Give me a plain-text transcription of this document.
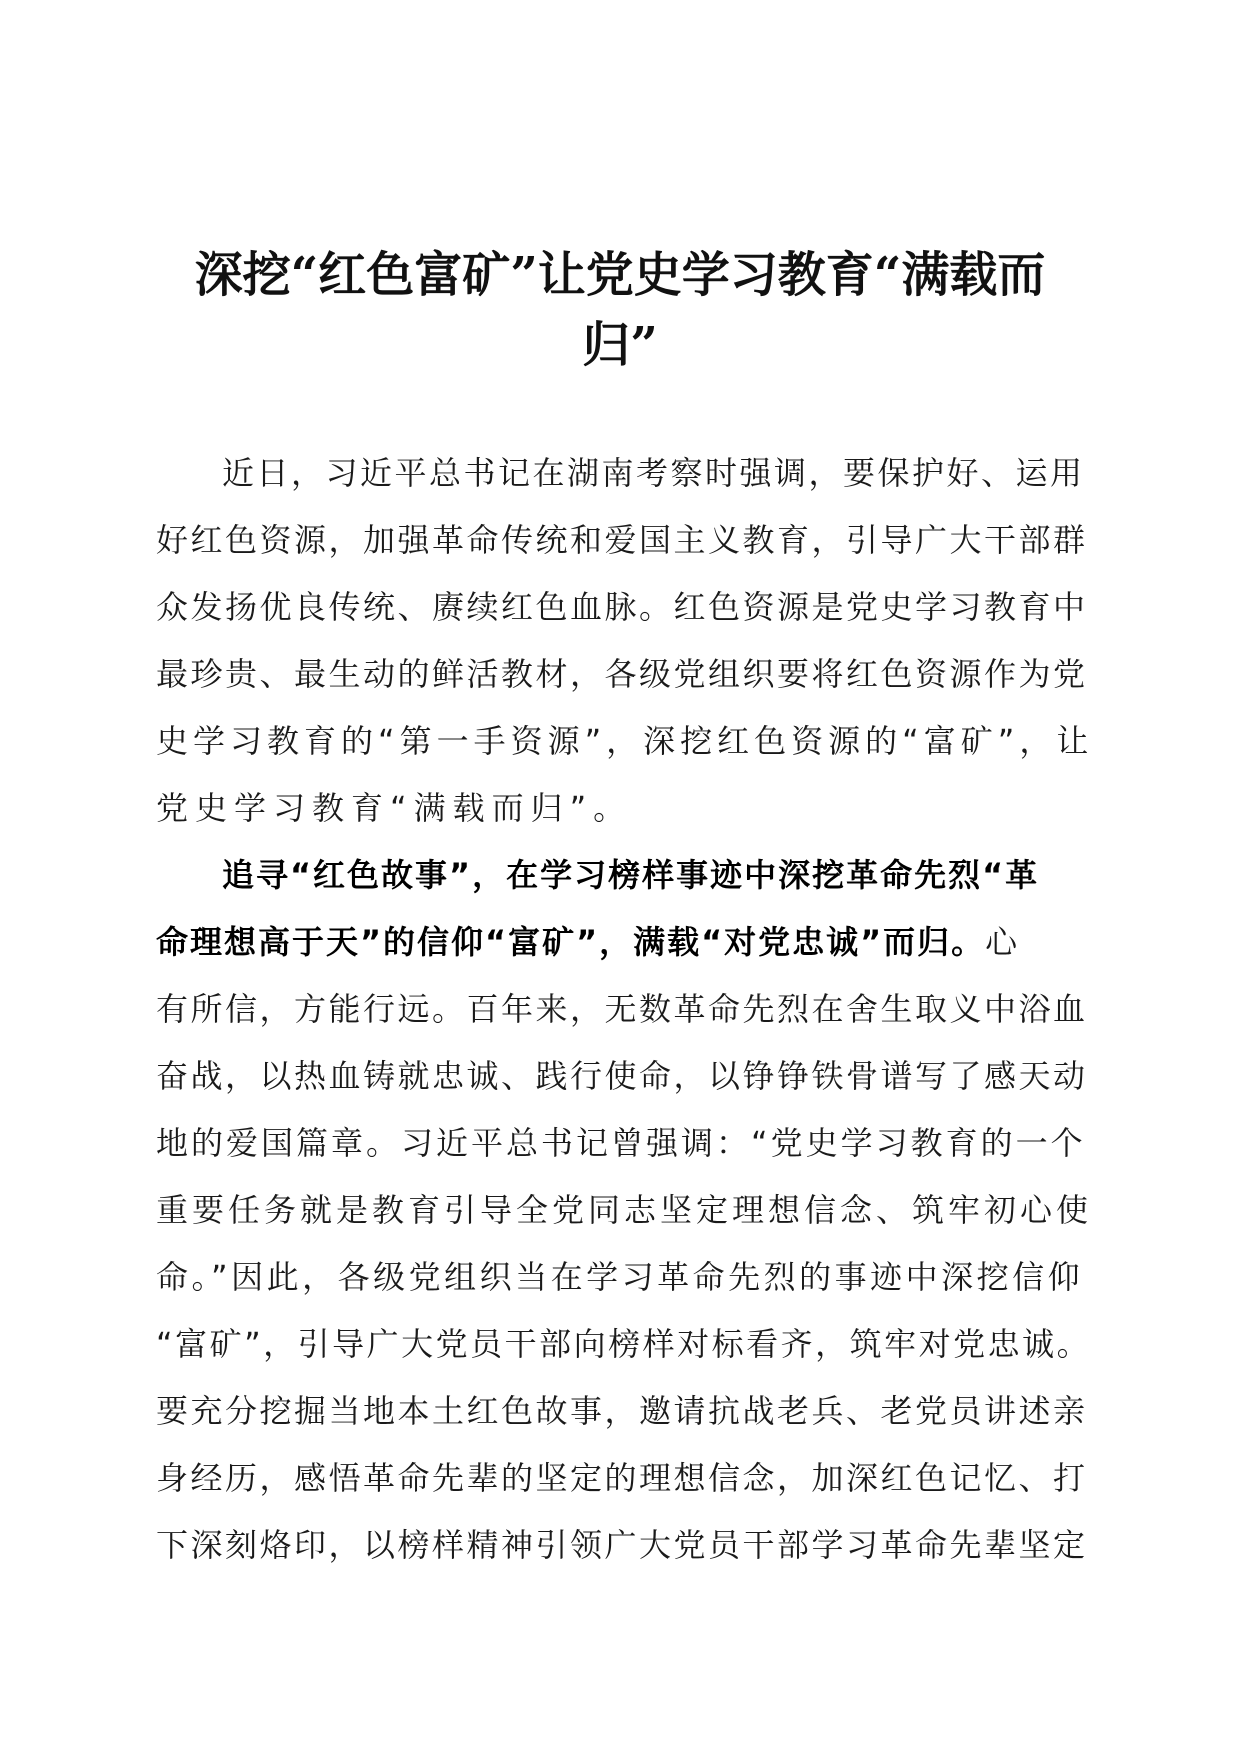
深挖“红色富矿”让党史学习教育“满载而
归”
近日，习近平总书记在湖南考察时强调，要保护好、运用
好红色资源，加强革命传统和爱国主义教育，引导广大干部群
众发扬优良传统、赓续红色血脉。红色资源是党史学习教育中
最珍贵、最生动的鲜活教材，各级党组织要将红色资源作为党
史学习教育的“第一手资源”，深挖红色资源的“富矿”，让
党史学习教育“满载而归”。
追寻“红色故事”，在学习榜样事迹中深挖革命先烈“革
命理想高于天”的信仰“富矿”，满载“对党忠诚”而归。心
有所信，方能行远。百年来，无数革命先烈在舍生取义中浴血
奋战，以热血铸就忠诚、践行使命，以铮铮铁骨谱写了感天动
地的爱国篇章。习近平总书记曾强调：“党史学习教育的一个
重要任务就是教育引导全党同志坚定理想信念、筑牢初心使
命。”因此，各级党组织当在学习革命先烈的事迹中深挖信仰
“富矿”，引导广大党员干部向榜样对标看齐，筑牢对党忠诚。
要充分挖掘当地本土红色故事，邀请抗战老兵、老党员讲述亲
身经历，感悟革命先辈的坚定的理想信念，加深红色记忆、打
下深刻烙印，以榜样精神引领广大党员干部学习革命先辈坚定
